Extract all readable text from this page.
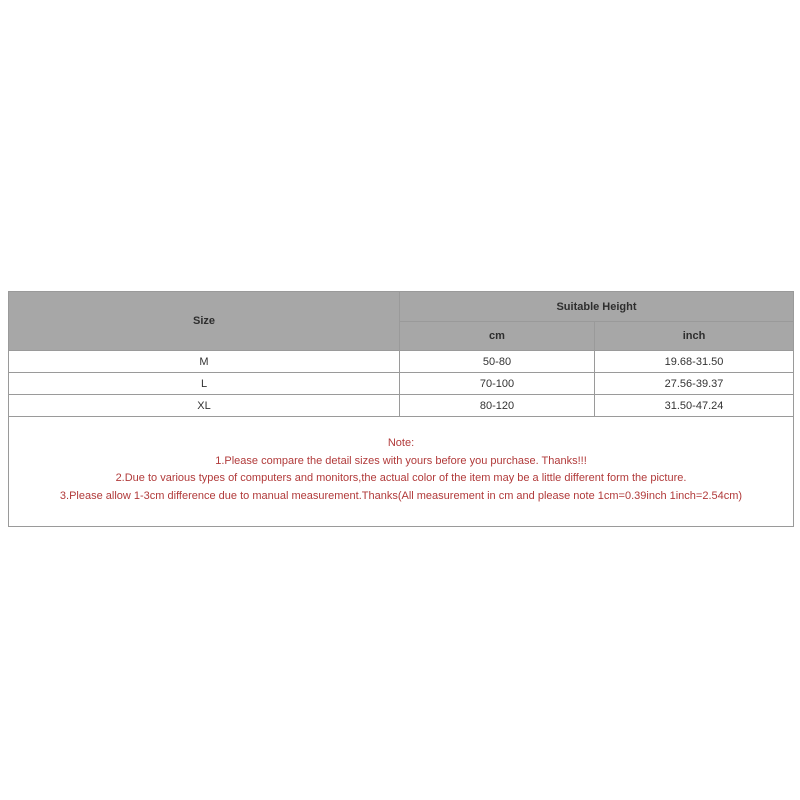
Size	Suitable Height	
	cm	inch
M	50-80	19.68-31.50
L	70-100	27.56-39.37
XL	80-120	31.50-47.24

Note:
1.Please compare the detail sizes with yours before you purchase. Thanks!!!
2.Due to various types of computers and monitors,the actual color of the item may be a little different form the picture.
3.Please allow 1-3cm difference due to manual measurement.Thanks(All measurement in cm and please note 1cm=0.39inch 1inch=2.54cm)		
